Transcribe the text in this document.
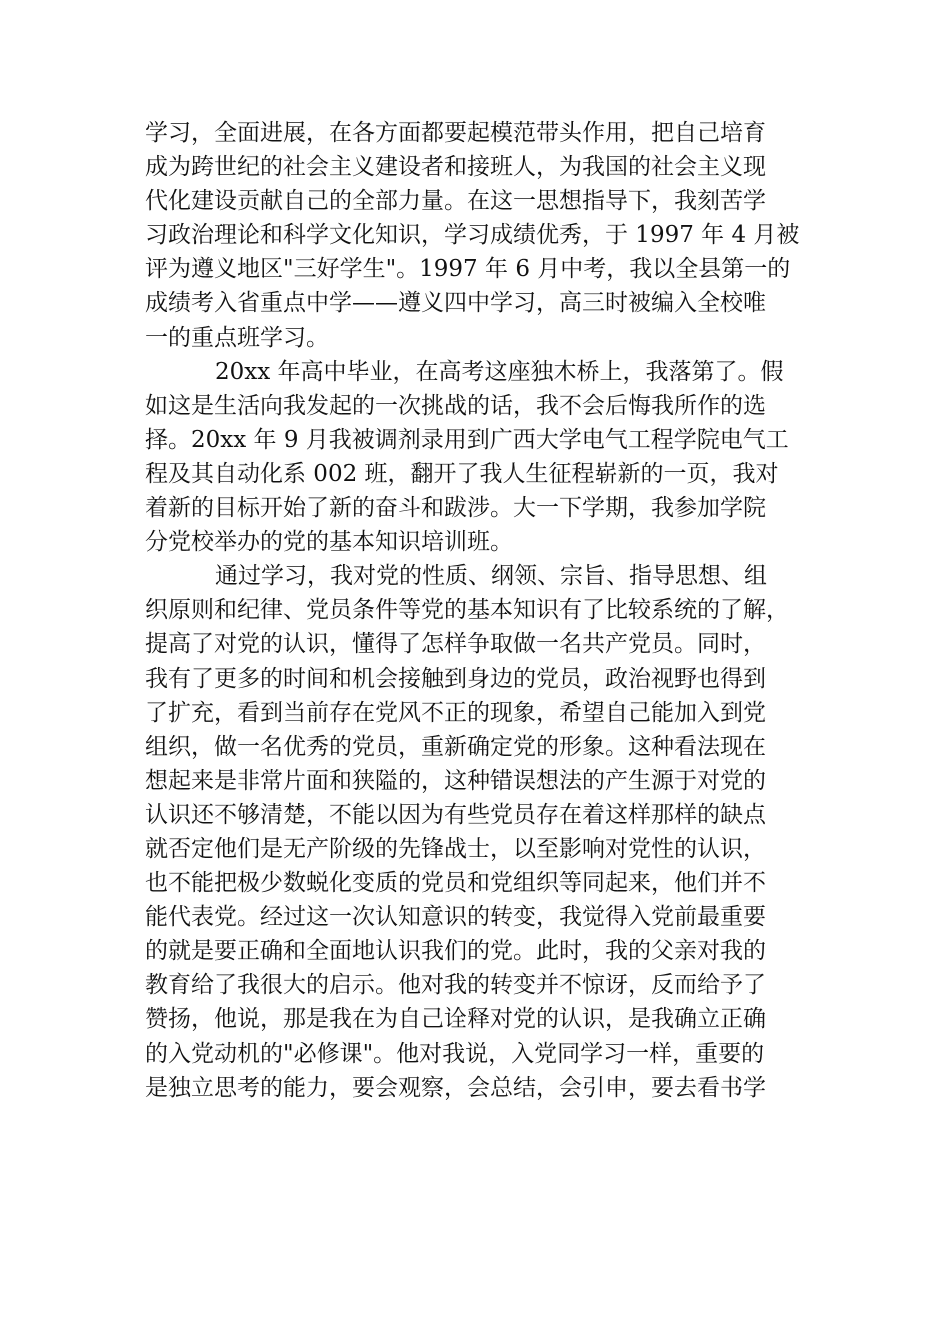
学习，全面进展，在各方面都要起模范带头作用，把自己培育
成为跨世纪的社会主义建设者和接班人，为我国的社会主义现
代化建设贡献自己的全部力量。在这一思想指导下，我刻苦学
习政治理论和科学文化知识，学习成绩优秀，于 1997 年 4 月被
评为遵义地区"三好学生"。1997 年 6 月中考，我以全县第一的
成绩考入省重点中学——遵义四中学习，高三时被编入全校唯
一的重点班学习。
20xx 年高中毕业，在高考这座独木桥上，我落第了。假
如这是生活向我发起的一次挑战的话，我不会后悔我所作的选
择。20xx 年 9 月我被调剂录用到广西大学电气工程学院电气工
程及其自动化系 002 班，翻开了我人生征程崭新的一页，我对
着新的目标开始了新的奋斗和跋涉。大一下学期，我参加学院
分党校举办的党的基本知识培训班。
通过学习，我对党的性质、纲领、宗旨、指导思想、组
织原则和纪律、党员条件等党的基本知识有了比较系统的了解，
提高了对党的认识，懂得了怎样争取做一名共产党员。同时，
我有了更多的时间和机会接触到身边的党员，政治视野也得到
了扩充，看到当前存在党风不正的现象，希望自己能加入到党
组织，做一名优秀的党员，重新确定党的形象。这种看法现在
想起来是非常片面和狭隘的，这种错误想法的产生源于对党的
认识还不够清楚，不能以因为有些党员存在着这样那样的缺点
就否定他们是无产阶级的先锋战士，以至影响对党性的认识，
也不能把极少数蜕化变质的党员和党组织等同起来，他们并不
能代表党。经过这一次认知意识的转变，我觉得入党前最重要
的就是要正确和全面地认识我们的党。此时，我的父亲对我的
教育给了我很大的启示。他对我的转变并不惊讶，反而给予了
赞扬，他说，那是我在为自己诠释对党的认识，是我确立正确
的入党动机的"必修课"。他对我说，入党同学习一样，重要的
是独立思考的能力，要会观察，会总结，会引申，要去看书学
